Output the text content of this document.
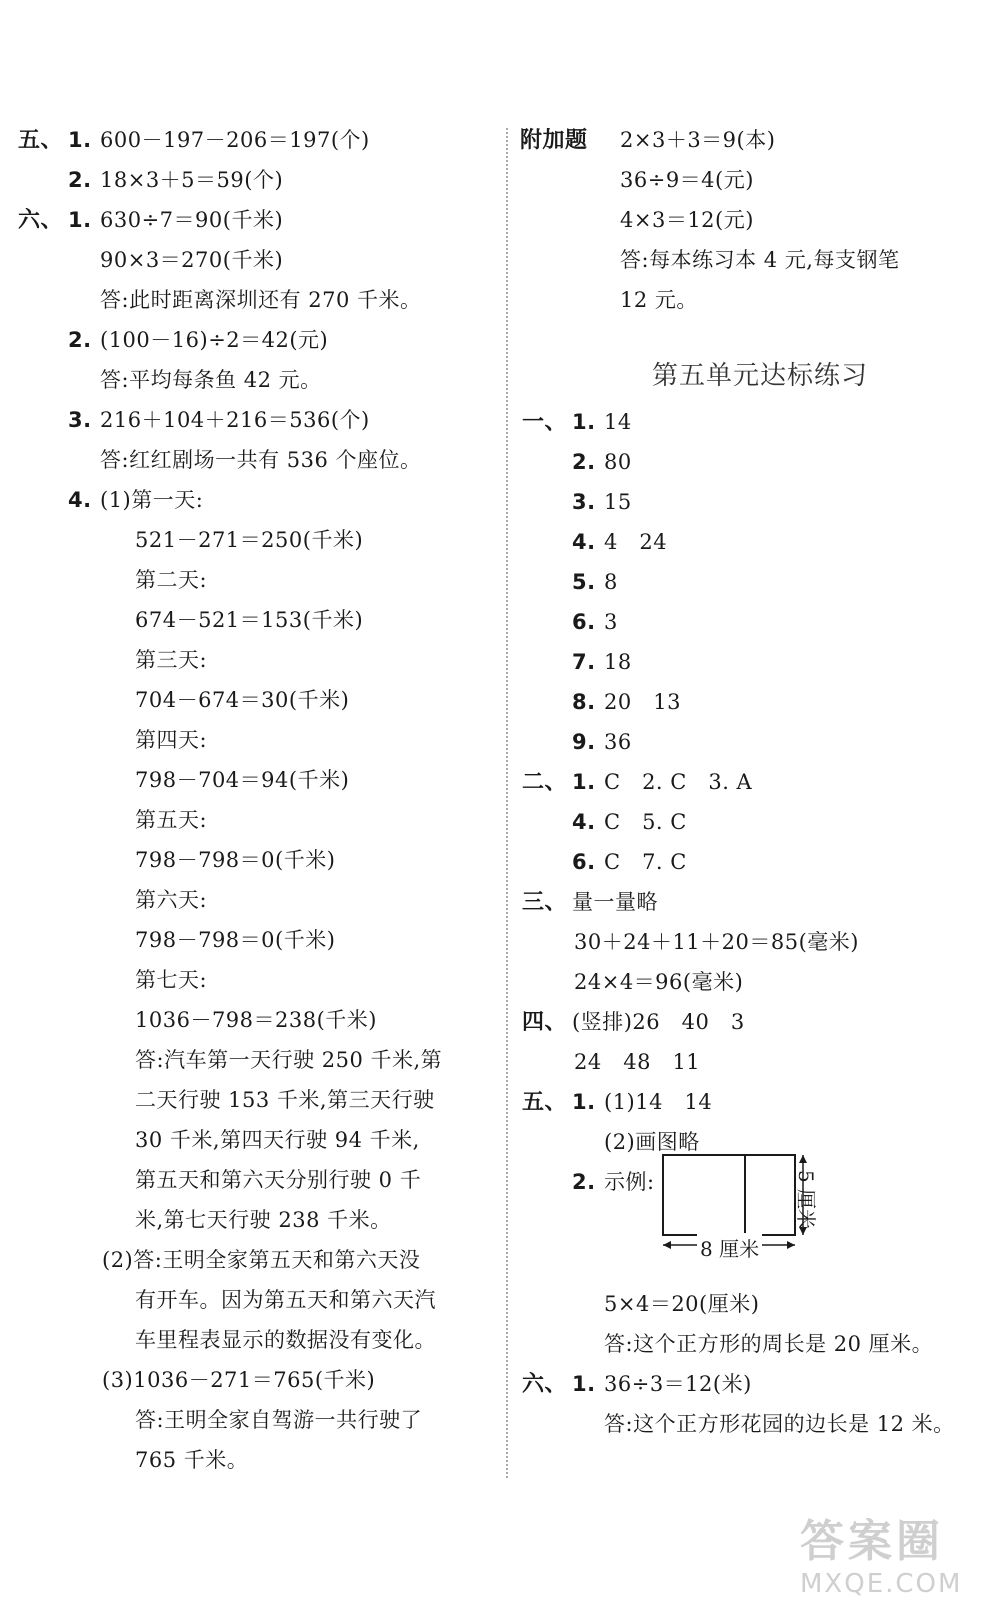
五、 1. 600－197－206＝197(个)
2. 18×3＋5＝59(个)
六、 1. 630÷7＝90(千米)
90×3＝270(千米)
答:此时距离深圳还有 270 千米。
2. (100－16)÷2＝42(元)
答:平均每条鱼 42 元。
3. 216＋104＋216＝536(个)
答:红红剧场一共有 536 个座位。
4. (1)第一天:
521－271＝250(千米)
第二天:
674－521＝153(千米)
第三天:
704－674＝30(千米)
第四天:
798－704＝94(千米)
第五天:
798－798＝0(千米)
第六天:
798－798＝0(千米)
第七天:
1036－798＝238(千米)
答:汽车第一天行驶 250 千米,第
二天行驶 153 千米,第三天行驶
30 千米,第四天行驶 94 千米,
第五天和第六天分别行驶 0 千
米,第七天行驶 238 千米。
(2)答:王明全家第五天和第六天没
有开车。因为第五天和第六天汽
车里程表显示的数据没有变化。
(3)1036－271＝765(千米)
答:王明全家自驾游一共行驶了
765 千米。
附加题 2×3＋3＝9(本)
36÷9＝4(元)
4×3＝12(元)
答:每本练习本 4 元,每支钢笔
12 元。
一、 1. 14
2. 80
3. 15
4. 4　24
5. 8
6. 3
7. 18
8. 20　13
9. 36
二、 1. C　2. C　3. A
4. C　5. C
6. C　7. C
三、 量一量略
30＋24＋11＋20＝85(毫米)
24×4＝96(毫米)
四、 (竖排)26　40　3
24　48　11
五、 1. (1)14　14
(2)画图略
2. 示例:
5×4＝20(厘米)
答:这个正方形的周长是 20 厘米。
六、 1. 36÷3＝12(米)
答:这个正方形花园的边长是 12 米。
第五单元达标练习
8 厘米
5 厘米
答案圈
MXQE.COM
